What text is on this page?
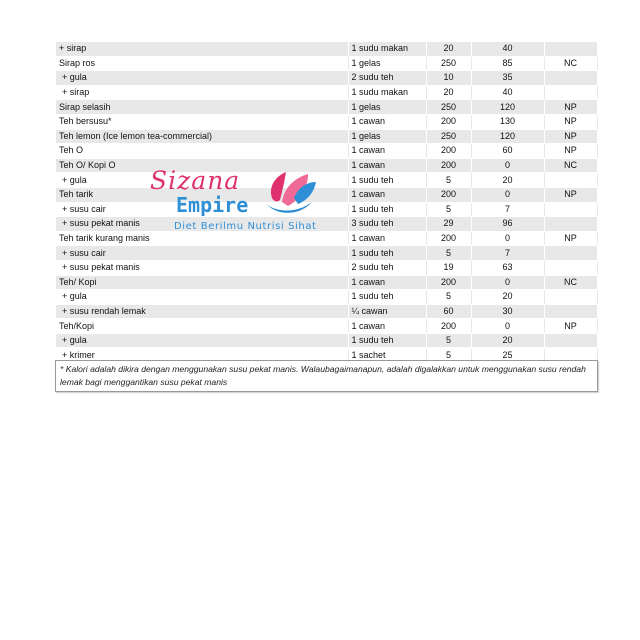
+ sirap	1 sudu makan	20	40	
Sirap ros	1 gelas	250	85	NC
+ gula	2 sudu teh	10	35	
+ sirap	1 sudu makan	20	40	
Sirap selasih	1 gelas	250	120	NP
Teh bersusu*	1 cawan	200	130	NP
Teh lemon (Ice lemon tea-commercial)	1 gelas	250	120	NP
Teh O	1 cawan	200	60	NP
Teh O/ Kopi O	1 cawan	200	0	NC
+ gula	1 sudu teh	5	20	
Teh tarik	1 cawan	200	0	NP
+ susu cair	1 sudu teh	5	7	
+ susu pekat manis	3 sudu teh	29	96	
Teh tarik kurang manis	1 cawan	200	0	NP
+ susu cair	1 sudu teh	5	7	
+ susu pekat manis	2 sudu teh	19	63	
Teh/ Kopi	1 cawan	200	0	NC
+ gula	1 sudu teh	5	20	
+ susu rendah lemak	¼ cawan	60	30	
Teh/Kopi	1 cawan	200	0	NP
+ gula	1 sudu teh	5	20	
+ krimer	1 sachet	5	25	
* Kalori adalah dikira dengan menggunakan susu pekat manis. Walaubagaimanapun, adalah digalakkan untuk menggunakan susu rendah lemak bagi menggantikan susu pekat manis
Sizana
Empire
Diet Berilmu Nutrisi Sihat
